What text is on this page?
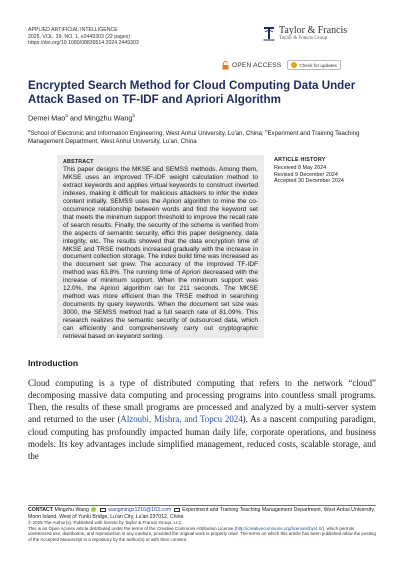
APPLIED ARTIFICIAL INTELLIGENCE
2025, VOL. 39, NO. 1, e2449303 (22 pages)
https://doi.org/10.1080/08839514.2024.2449303
Taylor & Francis
Taylor & Francis Group
OPEN ACCESS	Check for updates
Encrypted Search Method for Cloud Computing Data Under Attack Based on TF-IDF and Apriori Algorithm
Demei Mao$^a$ and Mingzhu Wang$^b$
$^a$School of Electronic and Information Engineering, West Anhui University, Lu'an, China; $^b$Experiment and Training Teaching Management Department, West Anhui University, Lu'an, China
ABSTRACT

This paper designs the MKSE and SEMSS methods. Among them, MKSE uses an improved TF-IDF weight calculation method to extract keywords and applies virtual keywords to construct inverted indexes, making it difficult for malicious attackers to infer the index content initially. SEMSS uses the Apriori algorithm to mine the co-occurrence relationship between words and find the keyword set that meets the minimum support threshold to improve the recall rate of search results. Finally, the security of the scheme is verified from the aspects of semantic security, effici this paper designency, data integrity, etc. The results showed that the data encryption time of MKSE and TRSE methods increased gradually with the increase in document collection storage. The index build time was increased as the document set grew. The accuracy of the improved TF-IDF method was 63.8%. The running time of Apriori decreased with the increase of minimum support. When the minimum support was 12.0%, the Apriori algorithm ran for 211 seconds. The MKSE method was more efficient than the TRSE method in searching documents by query keywords. When the document set size was 3000, the SEMSS method had a full search rate of 81.09%. This research realizes the semantic security of outsourced data, which can efficiently and comprehensively carry out cryptographic retrieval based on keyword sorting.

ARTICLE HISTORY
Received 8 May 2024
Revised 9 December 2024
Accepted 30 December 2024
Introduction

Cloud computing is a type of distributed computing that refers to the network “cloud” decomposing massive data computing and processing programs into countless small programs. Then, the results of these small programs are processed and analyzed by a multi-server system and returned to the user (Alzoubi, Mishra, and Topcu 2024). As a nascent computing paradigm, cloud computing has profoundly impacted human daily life, corporate operations, and business models. Its key advantages include simplified management, reduced costs, scalable storage, and the

CONTACT Mingzhu Wang	wangmingz1216@163.com Experiment and Training Teaching Management Department, West Anhui University, Moon Island, West of Yunlu Bridge, Lu'an City, Lu'an 237012, China
© 2025 The Author(s). Published with license by Taylor & Francis Group, LLC.
This is an Open Access article distributed under the terms of the Creative Commons Attribution License (http://creativecommons.org/licenses/by/4.0/), which permits unrestricted use, distribution, and reproduction in any medium, provided the original work is properly cited. The terms on which this article has been published allow the posting of the Accepted Manuscript in a repository by the author(s) or with their consent.
